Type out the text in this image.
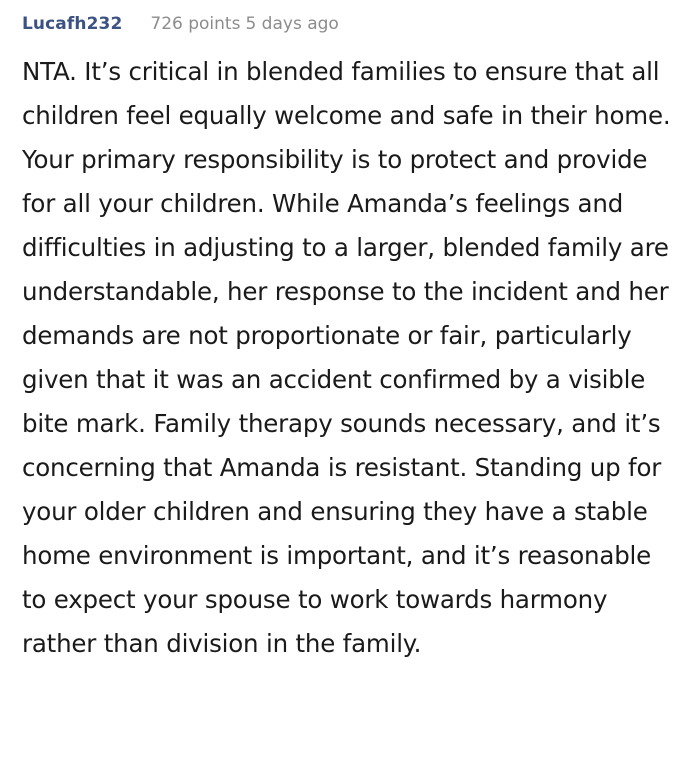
Lucafh232 726 points 5 days ago
NTA. It’s critical in blended families to ensure that all children feel equally welcome and safe in their home. Your primary responsibility is to protect and provide for all your children. While Amanda’s feelings and difficulties in adjusting to a larger, blended family are understandable, her response to the incident and her demands are not proportionate or fair, particularly given that it was an accident confirmed by a visible bite mark. Family therapy sounds necessary, and it’s concerning that Amanda is resistant. Standing up for your older children and ensuring they have a stable home environment is important, and it’s reasonable to expect your spouse to work towards harmony rather than division in the family.
